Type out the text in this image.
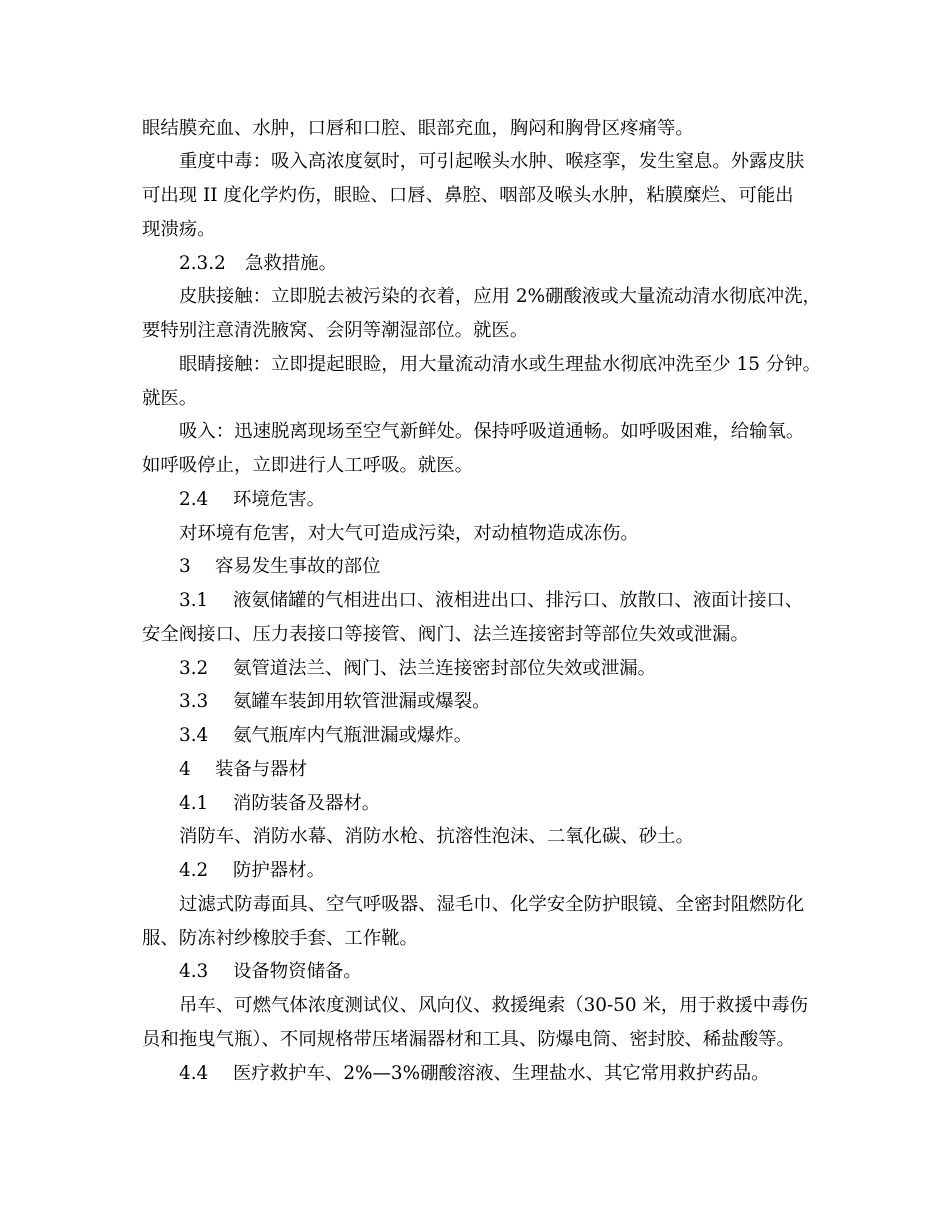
眼结膜充血、水肿，口唇和口腔、眼部充血，胸闷和胸骨区疼痛等。
重度中毒：吸入高浓度氨时，可引起喉头水肿、喉痉挛，发生窒息。外露皮肤
可出现 II 度化学灼伤，眼睑、口唇、鼻腔、咽部及喉头水肿，粘膜糜烂、可能出
现溃疡。
2.3.2 急救措施。
皮肤接触：立即脱去被污染的衣着，应用 2%硼酸液或大量流动清水彻底冲洗，
要特别注意清洗腋窝、会阴等潮湿部位。就医。
眼睛接触：立即提起眼睑，用大量流动清水或生理盐水彻底冲洗至少 15 分钟。
就医。
吸入：迅速脱离现场至空气新鲜处。保持呼吸道通畅。如呼吸困难，给输氧。
如呼吸停止，立即进行人工呼吸。就医。
2.4 环境危害。
对环境有危害，对大气可造成污染，对动植物造成冻伤。
3 容易发生事故的部位
3.1 液氨储罐的气相进出口、液相进出口、排污口、放散口、液面计接口、
安全阀接口、压力表接口等接管、阀门、法兰连接密封等部位失效或泄漏。
3.2 氨管道法兰、阀门、法兰连接密封部位失效或泄漏。
3.3 氨罐车装卸用软管泄漏或爆裂。
3.4 氨气瓶库内气瓶泄漏或爆炸。
4 装备与器材
4.1 消防装备及器材。
消防车、消防水幕、消防水枪、抗溶性泡沫、二氧化碳、砂土。
4.2 防护器材。
过滤式防毒面具、空气呼吸器、湿毛巾、化学安全防护眼镜、全密封阻燃防化
服、防冻衬纱橡胶手套、工作靴。
4.3 设备物资储备。
吊车、可燃气体浓度测试仪、风向仪、救援绳索（30-50 米，用于救援中毒伤
员和拖曳气瓶）、不同规格带压堵漏器材和工具、防爆电筒、密封胶、稀盐酸等。
4.4 医疗救护车、2%—3%硼酸溶液、生理盐水、其它常用救护药品。
